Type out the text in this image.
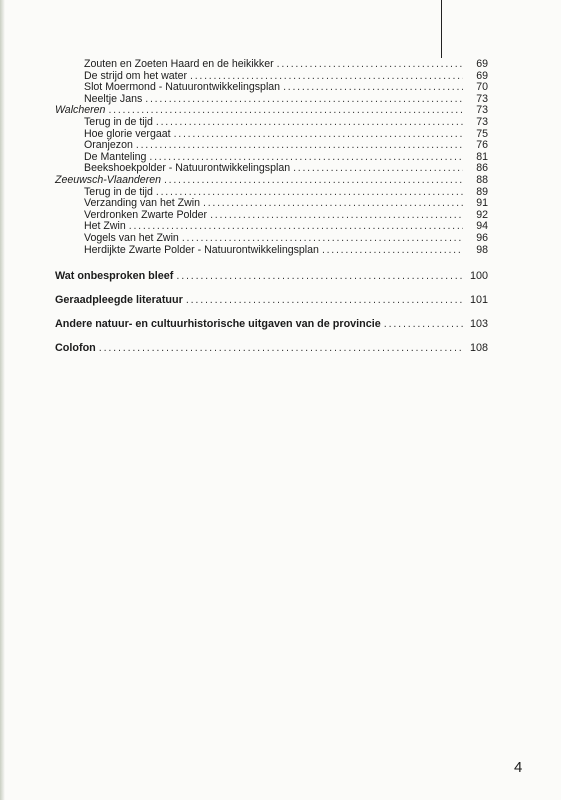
Zouten en Zoeten Haard en de heikikker . . .	69
De strijd om het water . . .	69
Slot Moermond - Natuurontwikkelingsplan . . .	70
Neeltje Jans . . .	73
Walcheren . . .	73
Terug in de tijd . . .	73
Hoe glorie vergaat . . .	75
Oranjezon . . .	76
De Manteling . . .	81
Beekshoekpolder - Natuurontwikkelingsplan . . .	86
Zeeuwsch-Vlaanderen . . .	88
Terug in de tijd . . .	89
Verzanding van het Zwin . . .	91
Verdronken Zwarte Polder . . .	92
Het Zwin . . .	94
Vogels van het Zwin . . .	96
Herdijkte Zwarte Polder - Natuurontwikkelingsplan . . .	98
Wat onbesproken bleef . . .	100
Geraadpleegde literatuur . . .	101
Andere natuur- en cultuurhistorische uitgaven van de provincie . . .	103
Colofon . . .	108
4
